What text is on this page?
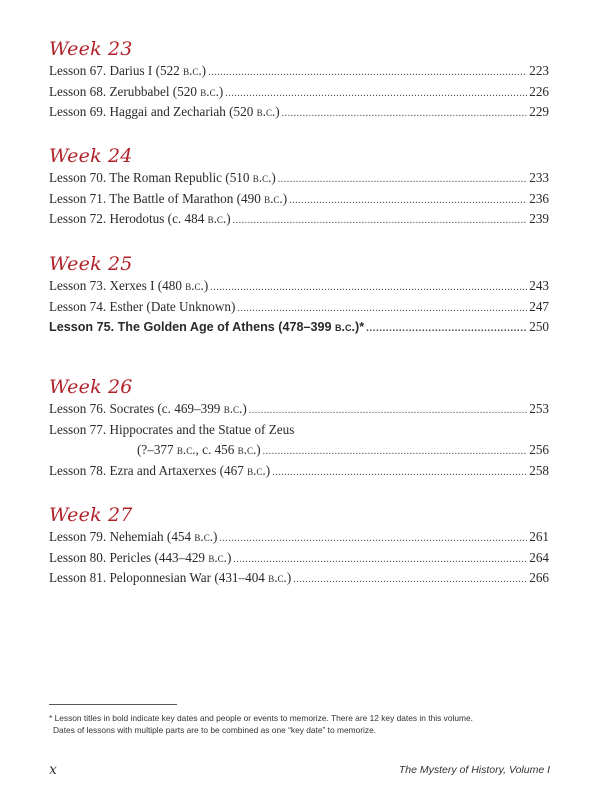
Week 23
Lesson 67. Darius I (522 b.c.) .....	223
Lesson 68. Zerubbabel (520 b.c.) .....	226
Lesson 69. Haggai and Zechariah (520 b.c.) .....	229
Week 24
Lesson 70. The Roman Republic (510 b.c.) .....	233
Lesson 71. The Battle of Marathon (490 b.c.) .....	236
Lesson 72. Herodotus (c. 484 b.c.) .....	239
Week 25
Lesson 73. Xerxes I (480 b.c.) .....	243
Lesson 74. Esther (Date Unknown) .....	247
Lesson 75. The Golden Age of Athens (478–399 b.c.)* .....	250
Week 26
Lesson 76. Socrates (c. 469–399 b.c.) .....	253
Lesson 77. Hippocrates and the Statue of Zeus
(?–377 b.c., c. 456 b.c.) .....	256
Lesson 78. Ezra and Artaxerxes (467 b.c.) .....	258
Week 27
Lesson 79. Nehemiah (454 b.c.) .....	261
Lesson 80. Pericles (443–429 b.c.) .....	264
Lesson 81. Peloponnesian War (431–404 b.c.) .....	266
* Lesson titles in bold indicate key dates and people or events to memorize. There are 12 key dates in this volume.
Dates of lessons with multiple parts are to be combined as one “key date” to memorize.
x	The Mystery of History, Volume I
